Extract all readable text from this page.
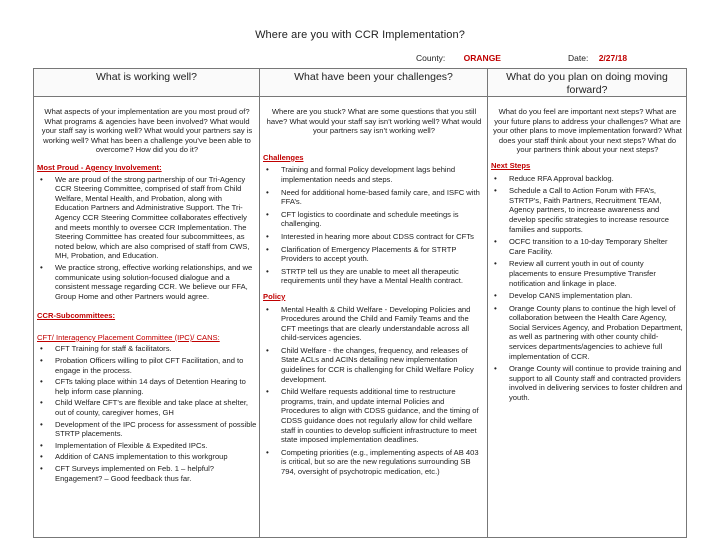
Where are you with CCR Implementation?
County: ORANGE	Date: 2/27/18
What is working well?
What aspects of your implementation are you most proud of? What programs & agencies have been involved? What would your staff say is working well? What would your partners say is working well? What has been a challenge you’ve been able to overcome? How did you do it?
Most Proud - Agency Involvement:
• We are proud of the strong partnership of our Tri-Agency CCR Steering Committee, comprised of staff from Child Welfare, Mental Health, and Probation, along with Education Partners and Administrative Support. The Tri-Agency CCR Steering Committee collaborates effectively and meets monthly to oversee CCR Implementation. The Steering Committee has created four subcommittees, as noted below, which are also comprised of staff from CWS, MH, Probation, and Education.
• We practice strong, effective working relationships, and we communicate using solution-focused dialogue and a consistent message regarding CCR. We believe our FFA, Group Home and other Partners would agree.
CCR-Subcommittees:
CFT/ Interagency Placement Committee (IPC)/ CANS:
• CFT Training for staff & facilitators.
• Probation Officers willing to pilot CFT Facilitation, and to engage in the process.
• CFTs taking place within 14 days of Detention Hearing to help inform case planning.
• Child Welfare CFT’s are flexible and take place at shelter, out of county, caregiver homes, GH
• Development of the IPC process for assessment of possible STRTP placements.
• Implementation of Flexible & Expedited IPCs.
• Addition of CANS implementation to this workgroup
• CFT Surveys implemented on Feb. 1 – helpful? Engagement? – Good feedback thus far.
What have been your challenges?
Where are you stuck? What are some questions that you still have? What would your staff say isn’t working well? What would your partners say isn’t working well?
Challenges
• Training and formal Policy development lags behind implementation needs and steps.
• Need for additional home-based family care, and ISFC with FFA’s.
• CFT logistics to coordinate and schedule meetings is challenging.
• Interested in hearing more about CDSS contract for CFTs
• Clarification of Emergency Placements & for STRTP Providers to accept youth.
• STRTP tell us they are unable to meet all therapeutic requirements until they have a Mental Health contract.
Policy
• Mental Health & Child Welfare - Developing Policies and Procedures around the Child and Family Teams and the CFT meetings that are clearly understandable across all child-services agencies.
• Child Welfare - the changes, frequency, and releases of State ACLs and ACINs detailing new implementation guidelines for CCR is challenging for Child Welfare Policy development.
• Child Welfare requests additional time to restructure programs, train, and update internal Policies and Procedures to align with CDSS guidance, and the timing of CDSS guidance does not regularly allow for child welfare staff in counties to develop sufficient infrastructure to meet state imposed implementation deadlines.
• Competing priorities (e.g., implementing aspects of AB 403 is critical, but so are the new regulations surrounding SB 794, oversight of psychotropic medication, etc.)
What do you plan on doing moving forward?
What do you feel are important next steps? What are your future plans to address your challenges? What are your other plans to move implementation forward? What does your staff think about your next steps? What do your partners think about your next steps?
Next Steps
• Reduce RFA Approval backlog.
• Schedule a Call to Action Forum with FFA’s, STRTP’s, Faith Partners, Recruitment TEAM, Agency partners, to increase awareness and develop specific strategies to increase resource families and supports.
• OCFC transition to a 10-day Temporary Shelter Care Facility.
• Review all current youth in out of county placements to ensure Presumptive Transfer notification and linkage in place.
• Develop CANS implementation plan.
• Orange County plans to continue the high level of collaboration between the Health Care Agency, Social Services Agency, and Probation Department, as well as partnering with other county child-services departments/agencies to achieve full implementation of CCR.
• Orange County will continue to provide training and support to all County staff and contracted providers involved in delivering services to foster children and youth.
